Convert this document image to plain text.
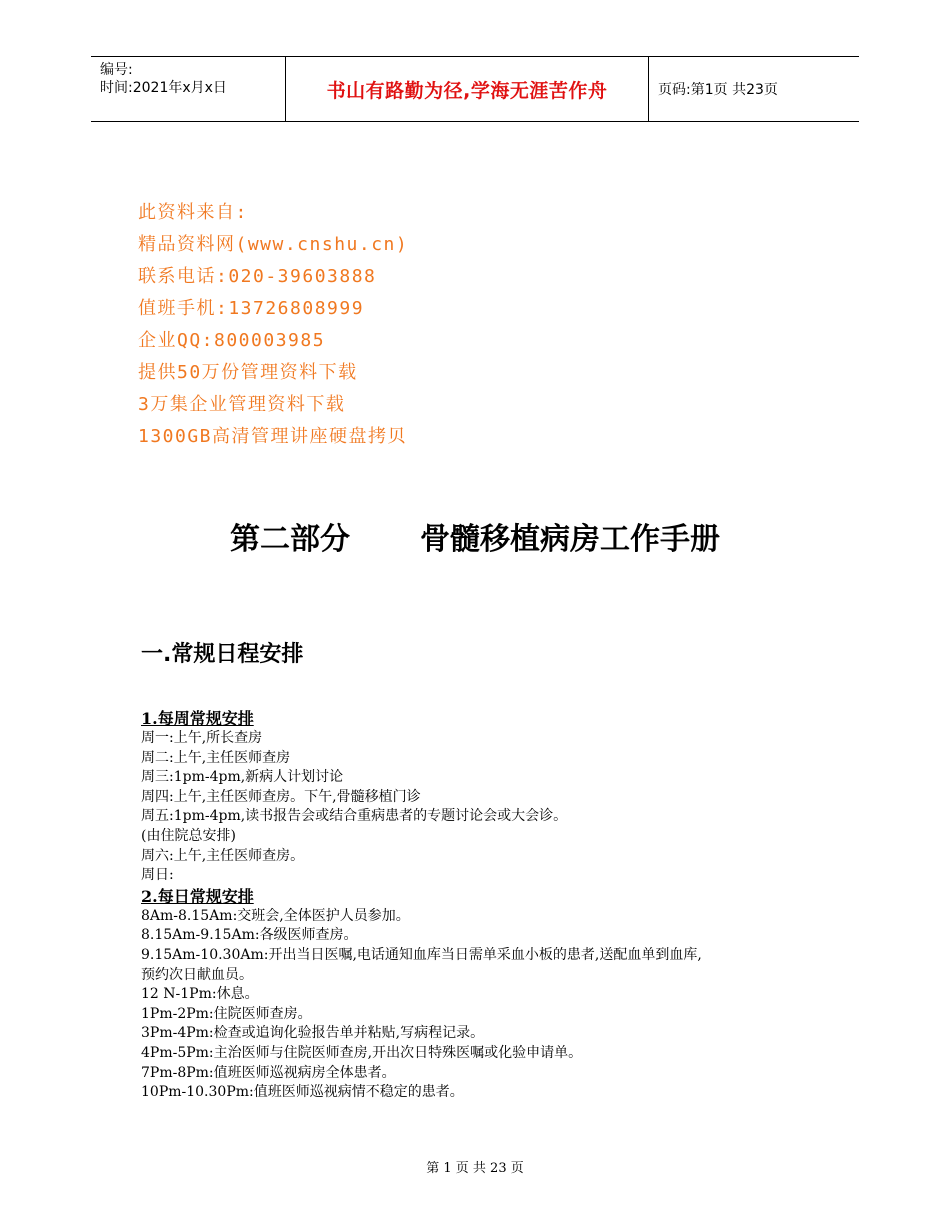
编号:
时间:2021年x月x日	书山有路勤为径,学海无涯苦作舟	页码:第1页 共23页
此资料来自:
精品资料网(www.cnshu.cn)
联系电话:020-39603888
值班手机:13726808999
企业QQ:800003985
提供50万份管理资料下载
3万集企业管理资料下载
1300GB高清管理讲座硬盘拷贝
第二部分 骨髓移植病房工作手册
一.常规日程安排
1.每周常规安排
周一:上午,所长查房
周二:上午,主任医师查房
周三:1pm-4pm,新病人计划讨论
周四:上午,主任医师查房。下午,骨髓移植门诊
周五:1pm-4pm,读书报告会或结合重病患者的专题讨论会或大会诊。
(由住院总安排)
周六:上午,主任医师查房。
周日:
2.每日常规安排
8Am-8.15Am:交班会,全体医护人员参加。
8.15Am-9.15Am:各级医师查房。
9.15Am-10.30Am:开出当日医嘱,电话通知血库当日需单采血小板的患者,送配血单到血库,
预约次日献血员。
12 N-1Pm:休息。
1Pm-2Pm:住院医师查房。
3Pm-4Pm:检查或追询化验报告单并粘贴,写病程记录。
4Pm-5Pm:主治医师与住院医师查房,开出次日特殊医嘱或化验申请单。
7Pm-8Pm:值班医师巡视病房全体患者。
10Pm-10.30Pm:值班医师巡视病情不稳定的患者。
第 1 页 共 23 页
